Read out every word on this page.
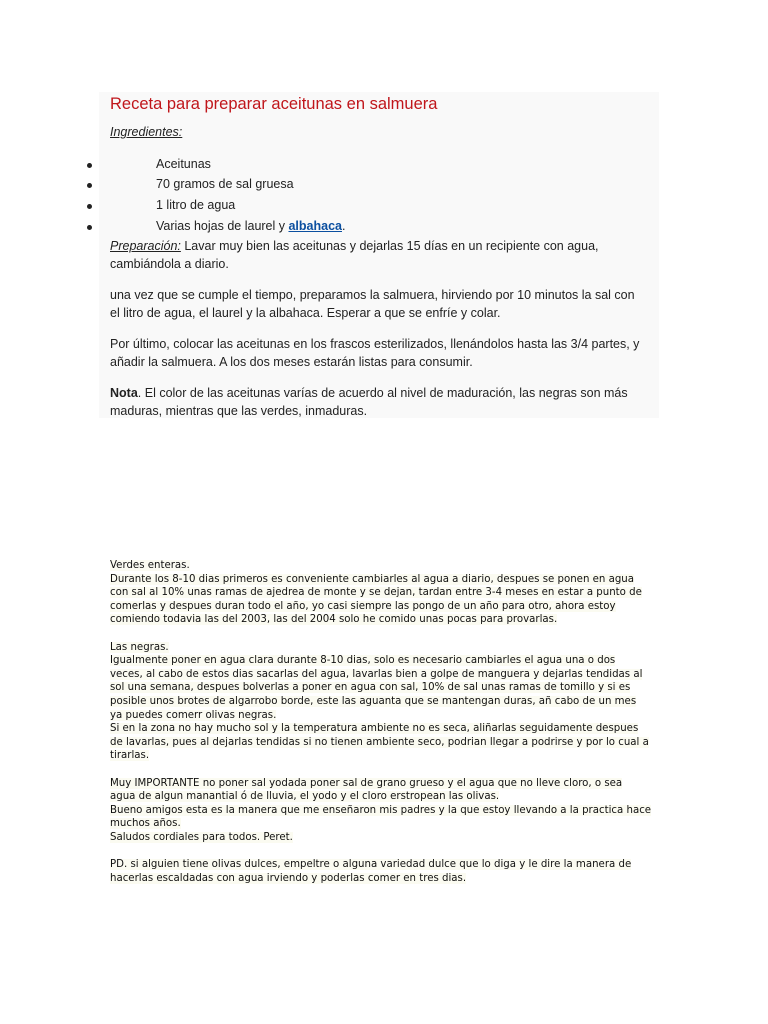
Receta para preparar aceitunas en salmuera
Ingredientes:
Aceitunas
70 gramos de sal gruesa
1 litro de agua
Varias hojas de laurel y albahaca.

Preparación: Lavar muy bien las aceitunas y dejarlas 15 días en un recipiente con agua, cambiándola a diario.

una vez que se cumple el tiempo, preparamos la salmuera, hirviendo por 10 minutos la sal con el litro de agua, el laurel y la albahaca. Esperar a que se enfríe y colar.

Por último, colocar las aceitunas en los frascos esterilizados, llenándolos hasta las 3/4 partes, y añadir la salmuera. A los dos meses estarán listas para consumir.

Nota. El color de las aceitunas varías de acuerdo al nivel de maduración, las negras son más maduras, mientras que las verdes, inmaduras.

Verdes enteras.
Durante los 8-10 dias primeros es conveniente cambiarles al agua a diario, despues se ponen en agua
con sal al 10% unas ramas de ajedrea de monte y se dejan, tardan entre 3-4 meses en estar a punto de
comerlas y despues duran todo el año, yo casi siempre las pongo de un año para otro, ahora estoy
comiendo todavia las del 2003, las del 2004 solo he comido unas pocas para provarlas.
Las negras.
Igualmente poner en agua clara durante 8-10 dias, solo es necesario cambiarles el agua una o dos
veces, al cabo de estos dias sacarlas del agua, lavarlas bien a golpe de manguera y dejarlas tendidas al
sol una semana, despues bolverlas a poner en agua con sal, 10% de sal unas ramas de tomillo y si es
posible unos brotes de algarrobo borde, este las aguanta que se mantengan duras, añ cabo de un mes
ya puedes comerr olivas negras.
Si en la zona no hay mucho sol y la temperatura ambiente no es seca, aliñarlas seguidamente despues
de lavarlas, pues al dejarlas tendidas si no tienen ambiente seco, podrian llegar a podrirse y por lo cual a
tirarlas.
Muy IMPORTANTE no poner sal yodada poner sal de grano grueso y el agua que no lleve cloro, o sea
agua de algun manantial ó de lluvia, el yodo y el cloro erstropean las olivas.
Bueno amigos esta es la manera que me enseñaron mis padres y la que estoy llevando a la practica hace
muchos años.
Saludos cordiales para todos. Peret.
PD. si alguien tiene olivas dulces, empeltre o alguna variedad dulce que lo diga y le dire la manera de
hacerlas escaldadas con agua irviendo y poderlas comer en tres dias.
